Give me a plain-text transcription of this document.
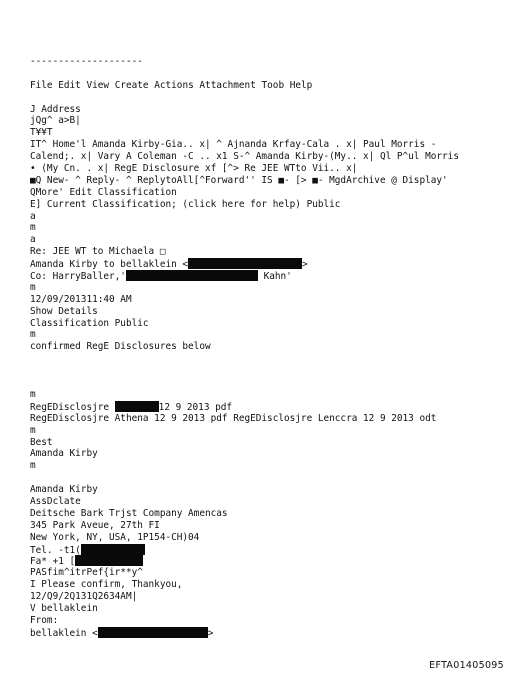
--------------------
File Edit View Create Actions Attachment Toob Help
J Address
jQg^ a>B|
T¥¥T
IT^ Home'l Amanda Kirby-Gia.. x| ^ Ajnanda Krfay-Cala . x| Paul Morris -
Calend;. x| Vary A Coleman -C .. x1 S-^ Amanda Kirby-(My.. x| Ql P^ul Morris
• (My Cn. . x| RegE Disclosure xf [^> Re JEE WTto Vii.. x|
■Q New- ^ Reply- ^ ReplytoAll[^Forward'' IS ■- [> ■- MgdArchive @ Display'
QMore' Edit Classification
E] Current Classification; (click here for help) Public
a
m
a
Re: JEE WT to Michaela □
Amanda Kirby to bellaklein <	>
Co: HarryBaller,'	Kahn'
m
12/09/201311:40 AM
Show Details
Classification Public
m
confirmed RegE Disclosures below
m
RegEDisclosjre	12 9 2013 pdf
RegEDisclosjre Athena 12 9 2013 pdf RegEDisclosjre Lenccra 12 9 2013 odt
m
Best
Amanda Kirby
m
Amanda Kirby
AssDclate
Deitsche Bark Trjst Company Amencas
345 Park Aveue, 27th FI
New York, NY, USA, 1P154-CH)04
Tel. -t1(
Fa* +1 [
PASfim^itrPef{ir**y^
I Please confirm, Thankyou,
12/Q9/2Q131Q2634AM|
V bellaklein
From:
bellaklein <	>
EFTA01405095
